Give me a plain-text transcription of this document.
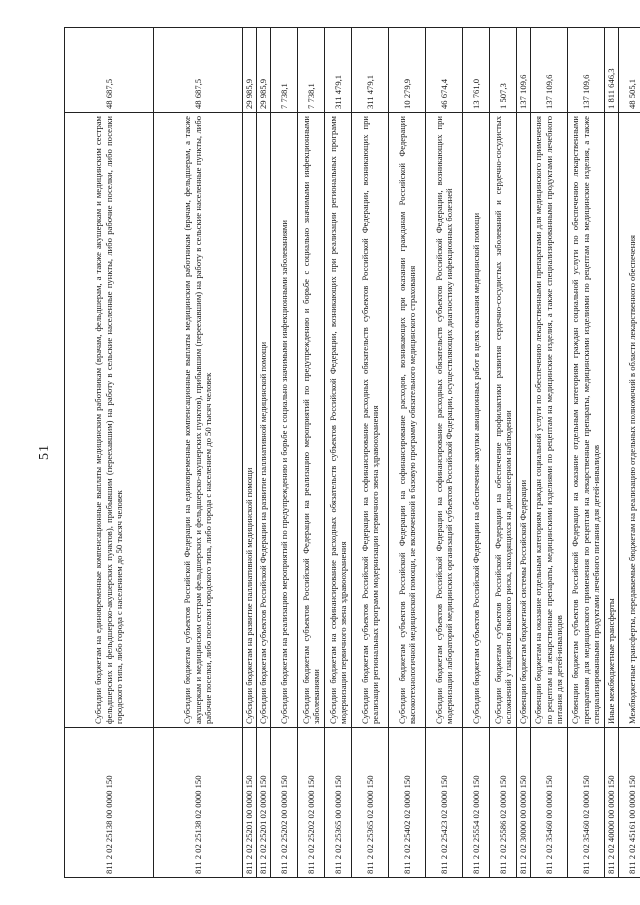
51
811 2 02 25138 00 0000 150	Субсидии бюджетам на единовременные компенсационные выплаты медицинским работникам (врачам, фельдшерам, а также акушеркам и медицинским сестрам фельдшерских и фельдшерско-акушерских пунктов), прибывшим (переехавшим) на работу в сельские населенные пункты, либо рабочие поселки, либо поселки городского типа, либо города с населением до 50 тысяч человек	48 687,5
811 2 02 25138 02 0000 150	Субсидии бюджетам субъектов Российской Федерации на единовременные компенсационные выплаты медицинским работникам (врачам, фельдшерам, а также акушеркам и медицинским сестрам фельдшерских и фельдшерско-акушерских пунктов), прибывшим (переехавшим) на работу в сельские населенные пункты, либо рабочие поселки, либо поселки городского типа, либо города с населением до 50 тысяч человек	48 687,5
811 2 02 25201 00 0000 150	Субсидии бюджетам на развитие паллиативной медицинской помощи	29 985,9
811 2 02 25201 02 0000 150	Субсидии бюджетам субъектов Российской Федерации на развитие паллиативной медицинской помощи	29 985,9
811 2 02 25202 00 0000 150	Субсидии бюджетам на реализацию мероприятий по предупреждению и борьбе с социально значимыми инфекционными заболеваниями	7 738,1
811 2 02 25202 02 0000 150	Субсидии бюджетам субъектов Российской Федерации на реализацию мероприятий по предупреждению и борьбе с социально значимыми инфекционными заболеваниями	7 738,1
811 2 02 25365 00 0000 150	Субсидии бюджетам на софинансирование расходных обязательств субъектов Российской Федерации, возникающих при реализации региональных программ модернизации первичного звена здравоохранения	311 479,1
811 2 02 25365 02 0000 150	Субсидии бюджетам субъектов Российской Федерации на софинансирование расходных обязательств субъектов Российской Федерации, возникающих при реализации региональных программ модернизации первичного звена здравоохранения	311 479,1
811 2 02 25402 02 0000 150	Субсидии бюджетам субъектов Российской Федерации на софинансирование расходов, возникающих при оказании гражданам Российской Федерации высокотехнологичной медицинской помощи, не включенной в базовую программу обязательного медицинского страхования	10 279,9
811 2 02 25423 02 0000 150	Субсидии бюджетам субъектов Российской Федерации на софинансирование расходных обязательств субъектов Российской Федерации, возникающих при модернизации лабораторий медицинских организаций субъектов Российской Федерации, осуществляющих диагностику инфекционных болезней	46 674,4
811 2 02 25554 02 0000 150	Субсидии бюджетам субъектов Российской Федерации на обеспечение закупки авиационных работ в целях оказания медицинской помощи	13 761,0
811 2 02 25586 02 0000 150	Субсидии бюджетам субъектов Российской Федерации на обеспечение профилактики развития сердечно-сосудистых заболеваний и сердечно-сосудистых осложнений у пациентов высокого риска, находящихся на диспансерном наблюдении	1 507,3
811 2 02 30000 00 0000 150	Субвенции бюджетам бюджетной системы Российской Федерации	137 109,6
811 2 02 35460 00 0000 150	Субвенции бюджетам на оказание отдельным категориям граждан социальной услуги по обеспечению лекарственными препаратами для медицинского применения по рецептам на лекарственные препараты, медицинскими изделиями по рецептам на медицинские изделия, а также специализированными продуктами лечебного питания для детей-инвалидов	137 109,6
811 2 02 35460 02 0000 150	Субвенции бюджетам субъектов Российской Федерации на оказание отдельным категориям граждан социальной услуги по обеспечению лекарственными препаратами для медицинского применения по рецептам на лекарственные препараты, медицинскими изделиями по рецептам на медицинские изделия, а также специализированными продуктами лечебного питания для детей-инвалидов	137 109,6
811 2 02 40000 00 0000 150	Иные межбюджетные трансферты	1 811 646,3
811 2 02 45161 00 0000 150	Межбюджетные трансферты, передаваемые бюджетам на реализацию отдельных полномочий в области лекарственного обеспечения	48 505,1
